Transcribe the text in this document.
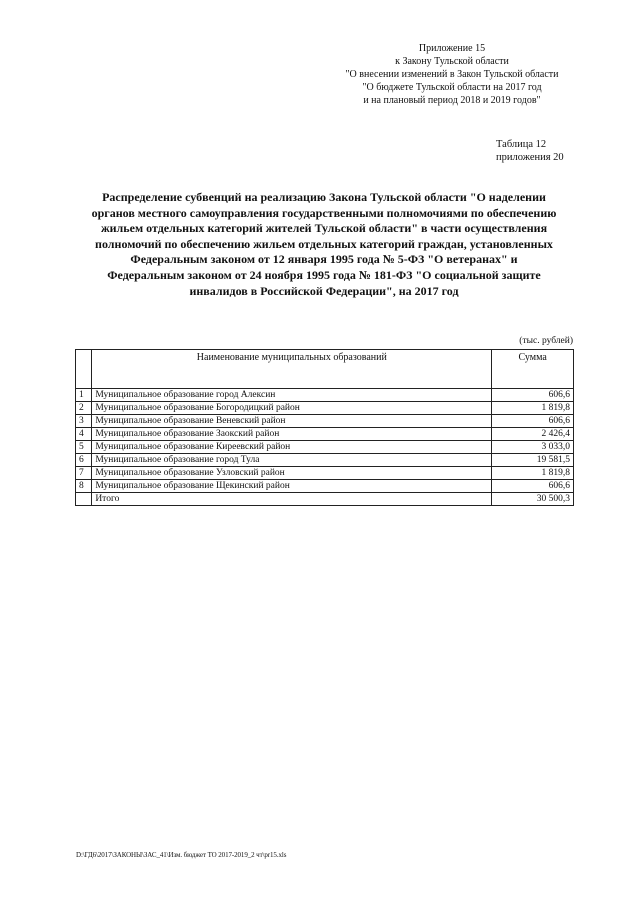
Приложение 15
к Закону Тульской области
"О внесении изменений в Закон Тульской области
"О бюджете Тульской области на 2017 год
и на плановый период 2018 и 2019 годов"
Таблица 12
приложения 20
Распределение субвенций на реализацию Закона Тульской области "О наделении
органов местного самоуправления государственными полномочиями по обеспечению
жильем отдельных категорий жителей Тульской области" в части осуществления
полномочий по обеспечению жильем отдельных категорий граждан, установленных
Федеральным законом от 12 января 1995 года № 5-ФЗ "О ветеранах" и
Федеральным законом от 24 ноября 1995 года № 181-ФЗ "О социальной защите
инвалидов в Российской Федерации", на 2017 год
(тыс. рублей)
	Наименование муниципальных образований	Сумма
1	Муниципальное образование город Алексин	606,6
2	Муниципальное образование Богородицкий район	1 819,8
3	Муниципальное образование Веневский район	606,6
4	Муниципальное образование Заокский район	2 426,4
5	Муниципальное образование Киреевский район	3 033,0
6	Муниципальное образование город Тула	19 581,5
7	Муниципальное образование Узловский район	1 819,8
8	Муниципальное образование Щекинский район	606,6
	Итого	30 500,3
D:\ГД6\2017\ЗАКОНЫ\ЗАС_41\Изм. бюджет ТО 2017-2019_2 чт\pr15.xls
